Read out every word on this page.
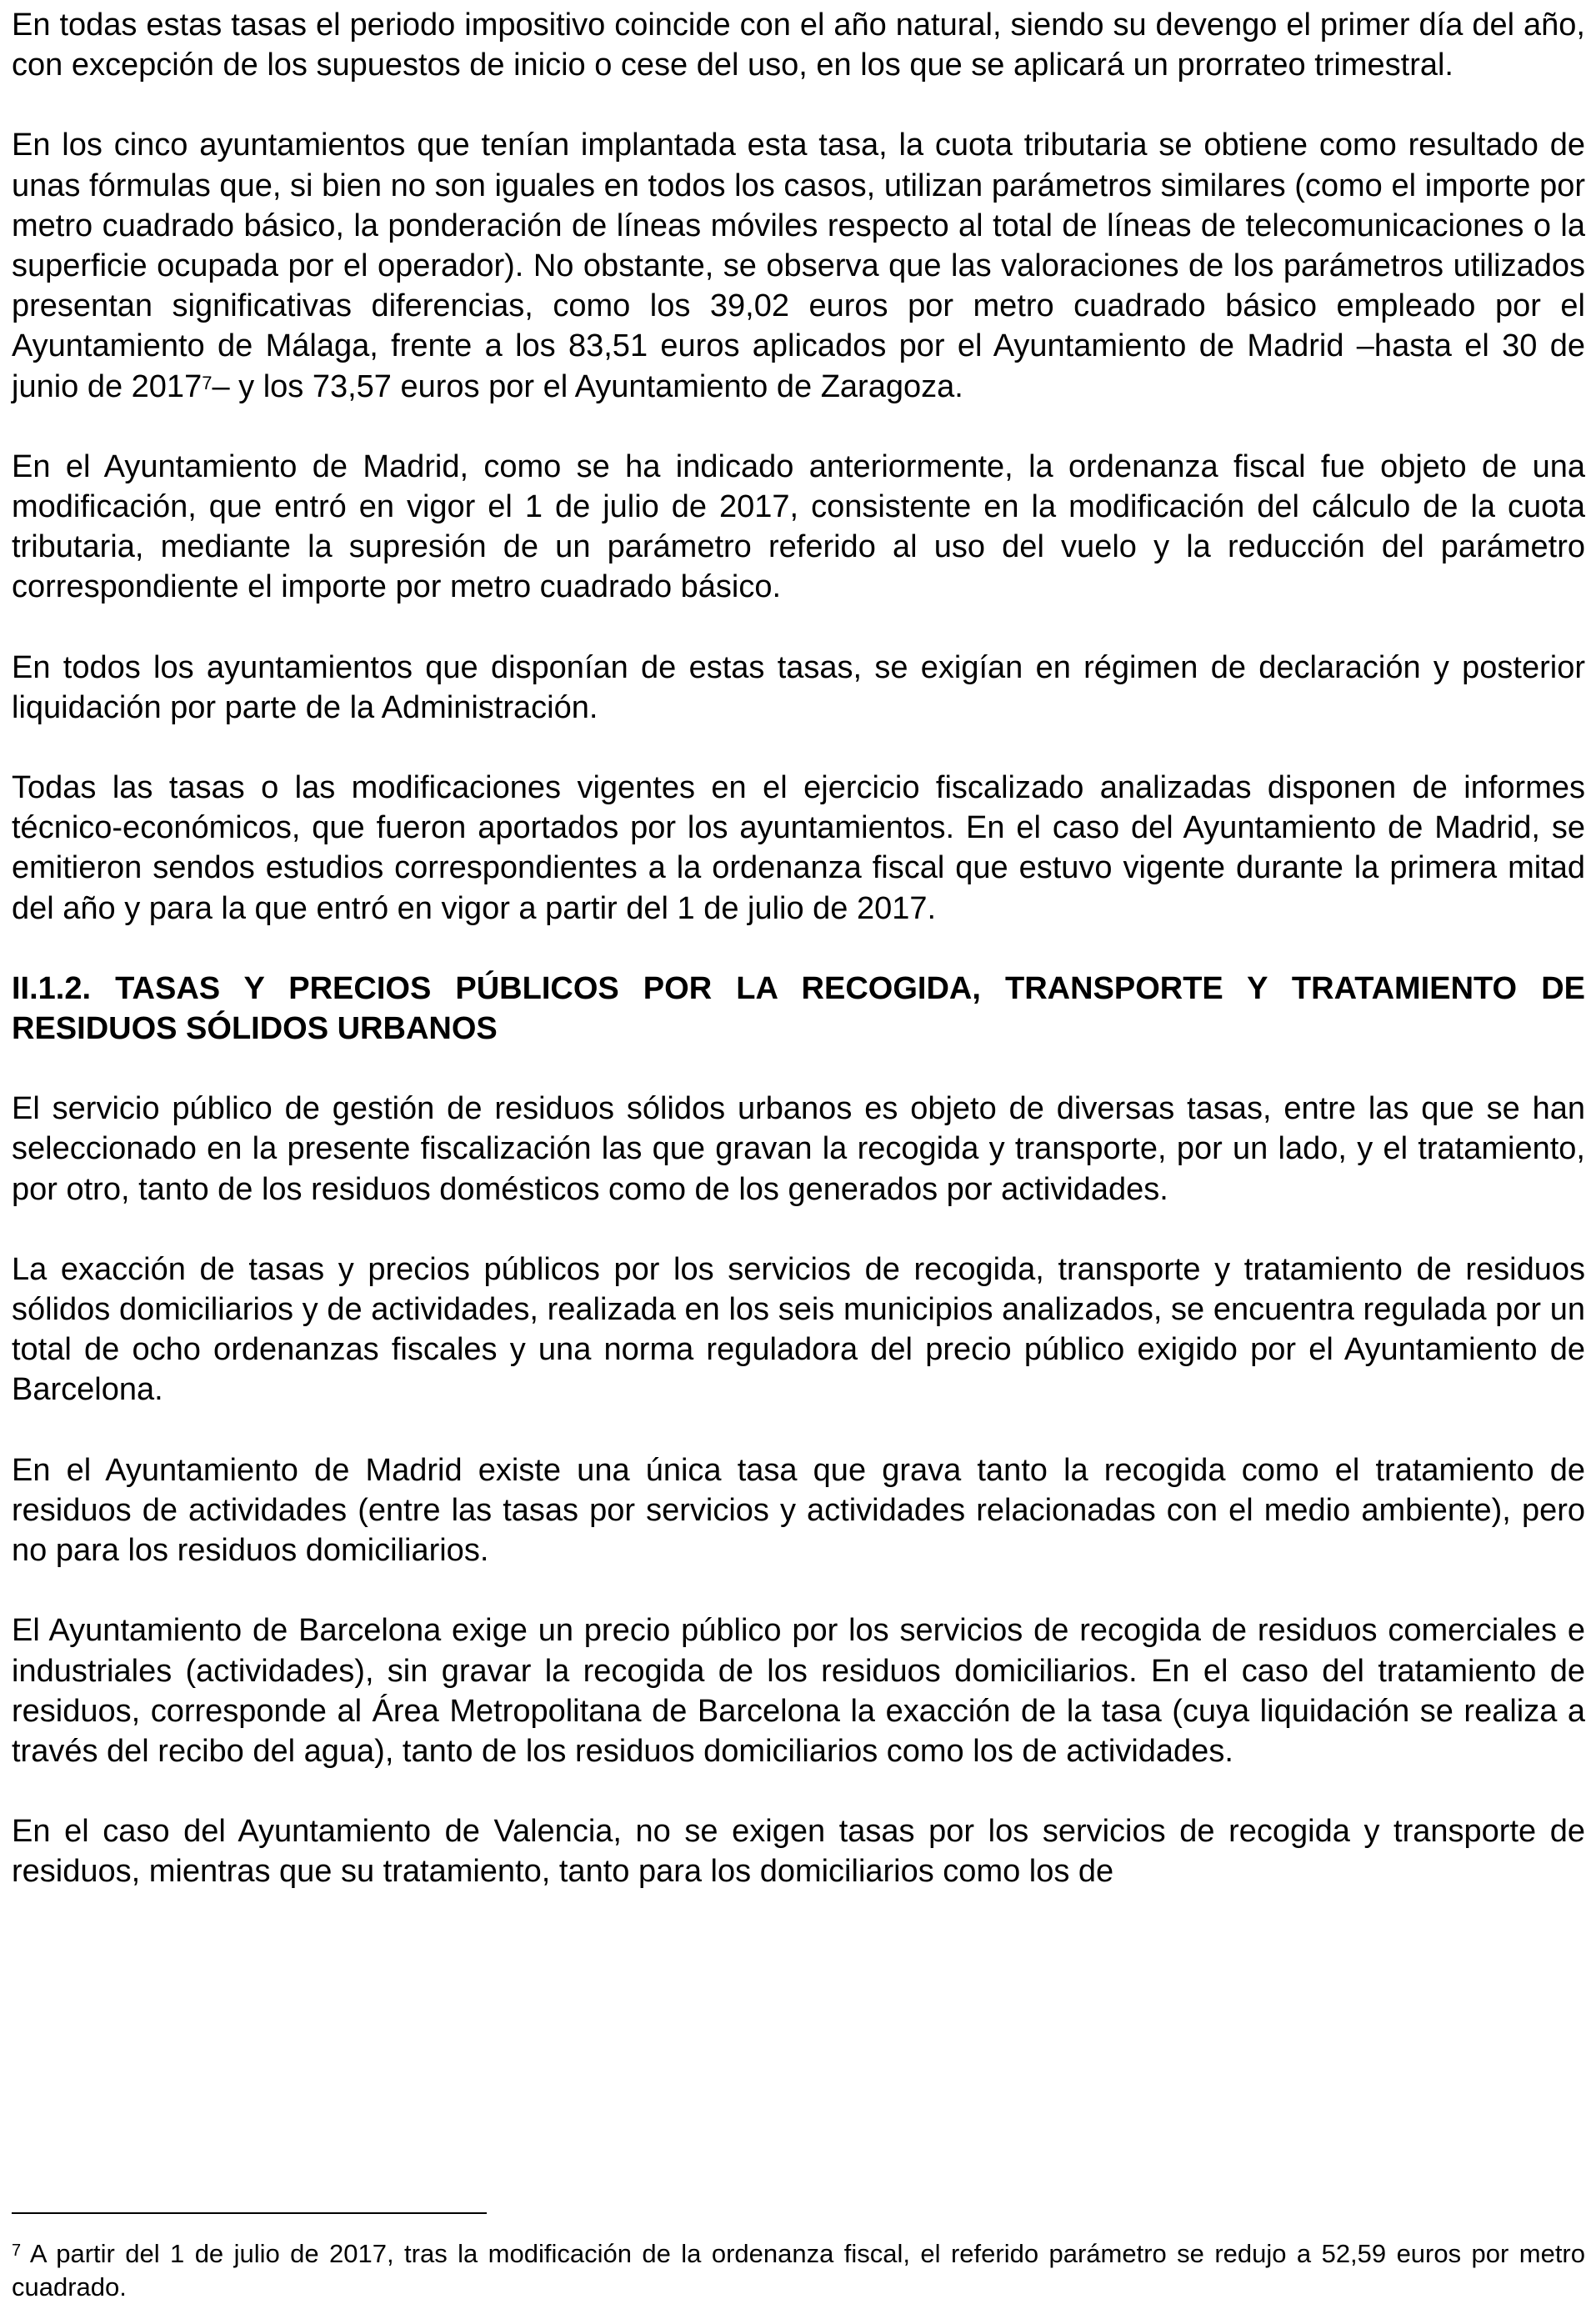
En todas estas tasas el periodo impositivo coincide con el año natural, siendo su devengo el primer día del año, con excepción de los supuestos de inicio o cese del uso, en los que se aplicará un prorrateo trimestral.

En los cinco ayuntamientos que tenían implantada esta tasa, la cuota tributaria se obtiene como resultado de unas fórmulas que, si bien no son iguales en todos los casos, utilizan parámetros similares (como el importe por metro cuadrado básico, la ponderación de líneas móviles respecto al total de líneas de telecomunicaciones o la superficie ocupada por el operador). No obstante, se observa que las valoraciones de los parámetros utilizados presentan significativas diferencias, como los 39,02 euros por metro cuadrado básico empleado por el Ayuntamiento de Málaga, frente a los 83,51 euros aplicados por el Ayuntamiento de Madrid –hasta el 30 de junio de 2017$^7$– y los 73,57 euros por el Ayuntamiento de Zaragoza.

En el Ayuntamiento de Madrid, como se ha indicado anteriormente, la ordenanza fiscal fue objeto de una modificación, que entró en vigor el 1 de julio de 2017, consistente en la modificación del cálculo de la cuota tributaria, mediante la supresión de un parámetro referido al uso del vuelo y la reducción del parámetro correspondiente el importe por metro cuadrado básico.

En todos los ayuntamientos que disponían de estas tasas, se exigían en régimen de declaración y posterior liquidación por parte de la Administración.

Todas las tasas o las modificaciones vigentes en el ejercicio fiscalizado analizadas disponen de informes técnico-económicos, que fueron aportados por los ayuntamientos. En el caso del Ayuntamiento de Madrid, se emitieron sendos estudios correspondientes a la ordenanza fiscal que estuvo vigente durante la primera mitad del año y para la que entró en vigor a partir del 1 de julio de 2017.

II.1.2. TASAS Y PRECIOS PÚBLICOS POR LA RECOGIDA, TRANSPORTE Y TRATAMIENTO DE RESIDUOS SÓLIDOS URBANOS

El servicio público de gestión de residuos sólidos urbanos es objeto de diversas tasas, entre las que se han seleccionado en la presente fiscalización las que gravan la recogida y transporte, por un lado, y el tratamiento, por otro, tanto de los residuos domésticos como de los generados por actividades.

La exacción de tasas y precios públicos por los servicios de recogida, transporte y tratamiento de residuos sólidos domiciliarios y de actividades, realizada en los seis municipios analizados, se encuentra regulada por un total de ocho ordenanzas fiscales y una norma reguladora del precio público exigido por el Ayuntamiento de Barcelona.

En el Ayuntamiento de Madrid existe una única tasa que grava tanto la recogida como el tratamiento de residuos de actividades (entre las tasas por servicios y actividades relacionadas con el medio ambiente), pero no para los residuos domiciliarios.

El Ayuntamiento de Barcelona exige un precio público por los servicios de recogida de residuos comerciales e industriales (actividades), sin gravar la recogida de los residuos domiciliarios. En el caso del tratamiento de residuos, corresponde al Área Metropolitana de Barcelona la exacción de la tasa (cuya liquidación se realiza a través del recibo del agua), tanto de los residuos domiciliarios como los de actividades.

En el caso del Ayuntamiento de Valencia, no se exigen tasas por los servicios de recogida y transporte de residuos, mientras que su tratamiento, tanto para los domiciliarios como los de

$^7$ A partir del 1 de julio de 2017, tras la modificación de la ordenanza fiscal, el referido parámetro se redujo a 52,59 euros por metro cuadrado.
